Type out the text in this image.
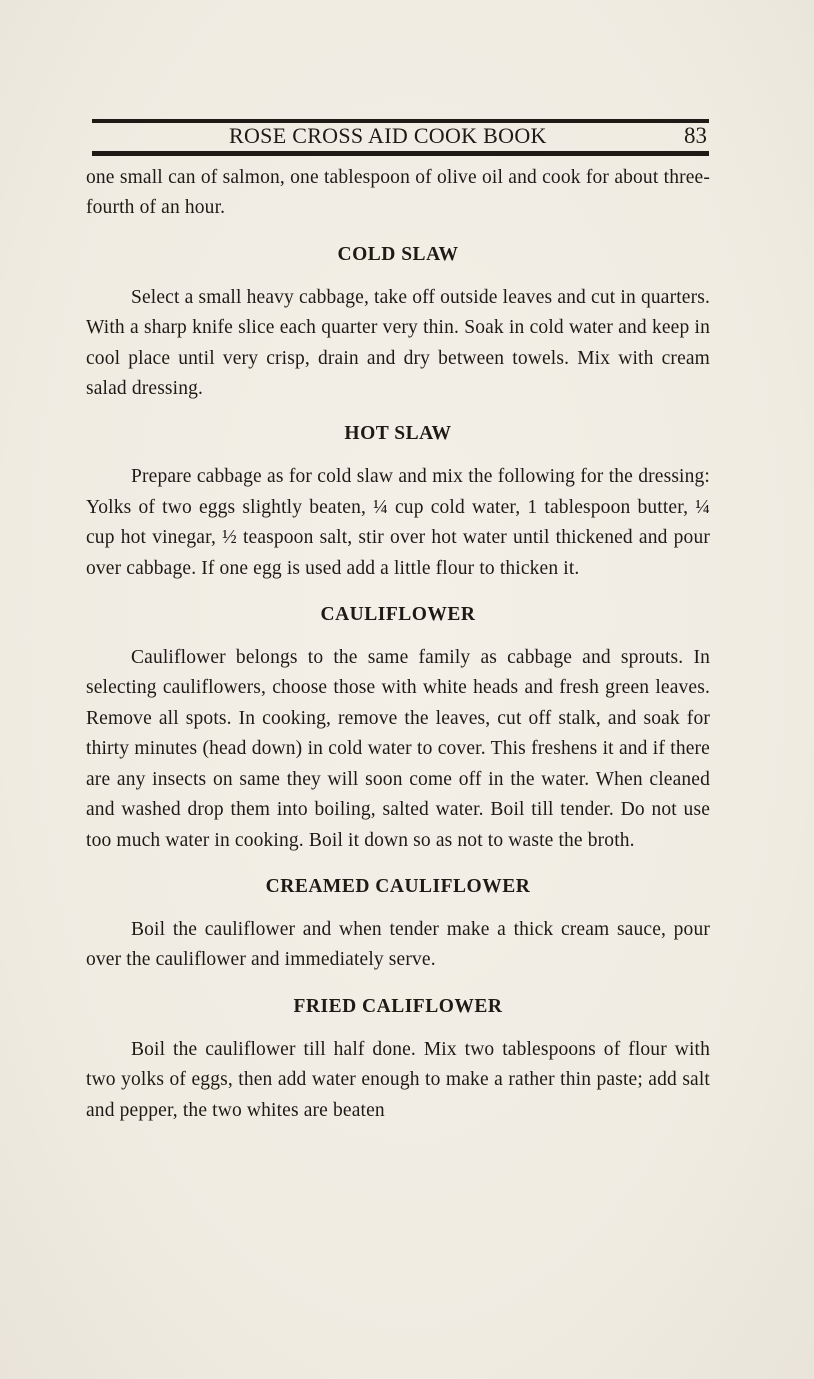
ROSE CROSS AID COOK BOOK	83

one small can of salmon, one tablespoon of olive oil and cook for about three-fourth of an hour.

COLD SLAW

Select a small heavy cabbage, take off outside leaves and cut in quarters. With a sharp knife slice each quarter very thin. Soak in cold water and keep in cool place until very crisp, drain and dry between towels. Mix with cream salad dressing.

HOT SLAW

Prepare cabbage as for cold slaw and mix the following for the dressing: Yolks of two eggs slightly beaten, ¼ cup cold water, 1 tablespoon butter, ¼ cup hot vinegar, ½ teaspoon salt, stir over hot water until thickened and pour over cabbage. If one egg is used add a little flour to thicken it.

CAULIFLOWER

Cauliflower belongs to the same family as cabbage and sprouts. In selecting cauliflowers, choose those with white heads and fresh green leaves. Remove all spots. In cooking, remove the leaves, cut off stalk, and soak for thirty minutes (head down) in cold water to cover. This freshens it and if there are any insects on same they will soon come off in the water. When cleaned and washed drop them into boiling, salted water. Boil till tender. Do not use too much water in cooking. Boil it down so as not to waste the broth.

CREAMED CAULIFLOWER

Boil the cauliflower and when tender make a thick cream sauce, pour over the cauliflower and immediately serve.

FRIED CALIFLOWER

Boil the cauliflower till half done. Mix two tablespoons of flour with two yolks of eggs, then add water enough to make a rather thin paste; add salt and pepper, the two whites are beaten
